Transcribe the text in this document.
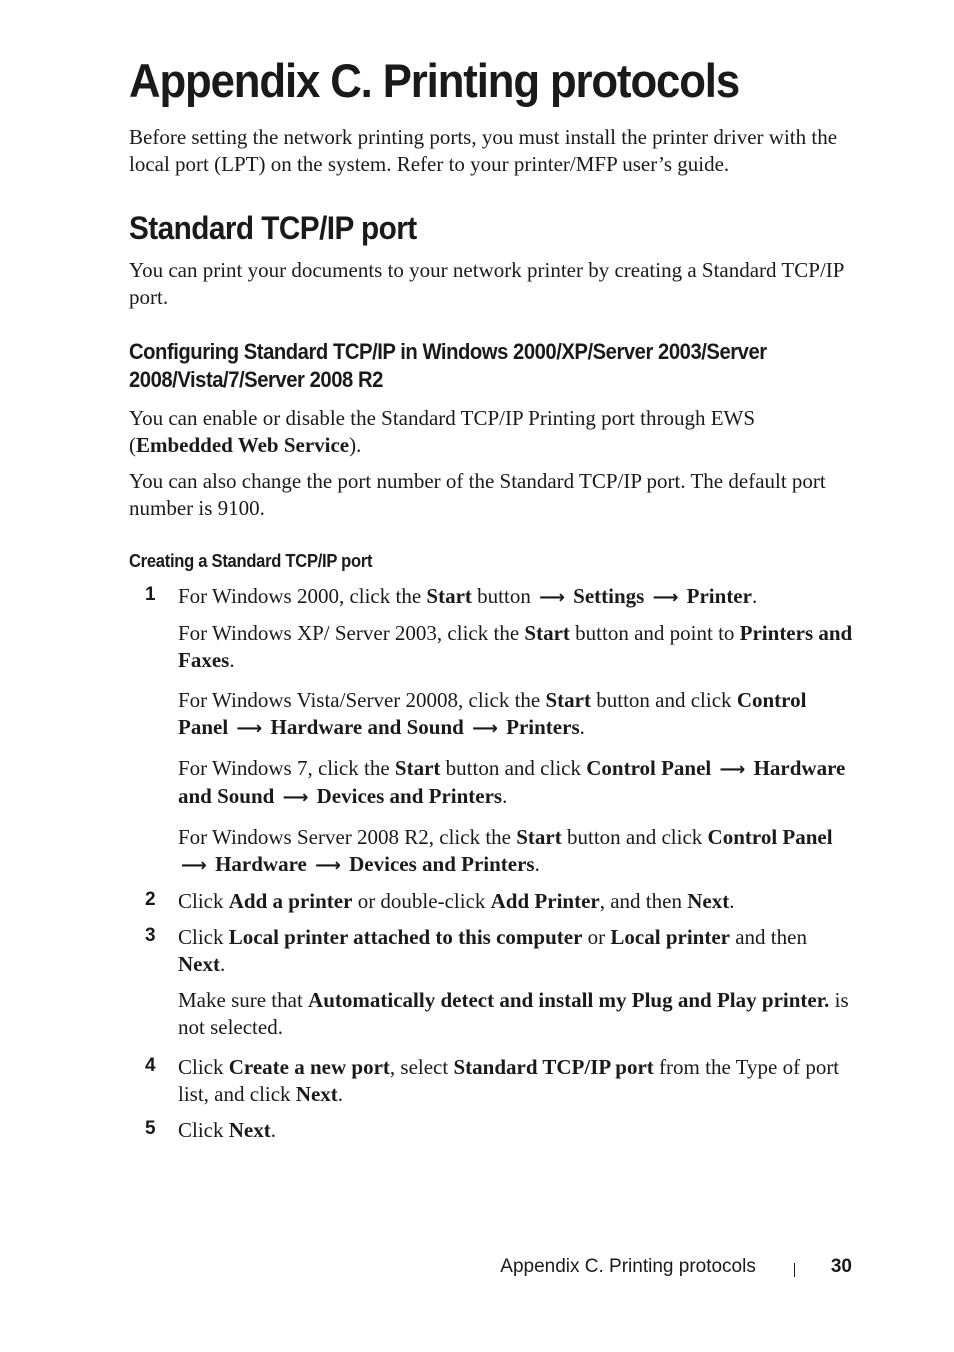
Appendix C. Printing protocols

Before setting the network printing ports, you must install the printer driver with the local port (LPT) on the system. Refer to your printer/MFP user’s guide.

Standard TCP/IP port

You can print your documents to your network printer by creating a Standard TCP/IP port.

Configuring Standard TCP/IP in Windows 2000/XP/Server 2003/Server 2008/Vista/7/Server 2008 R2

You can enable or disable the Standard TCP/IP Printing port through EWS (Embedded Web Service).

You can also change the port number of the Standard TCP/IP port. The default port number is 9100.

Creating a Standard TCP/IP port
1 For Windows 2000, click the Start button ⟶ Settings ⟶ Printer.

For Windows XP/ Server 2003, click the Start button and point to Printers and Faxes.

For Windows Vista/Server 20008, click the Start button and click Control Panel ⟶ Hardware and Sound ⟶ Printers.

For Windows 7, click the Start button and click Control Panel ⟶ Hardware and Sound ⟶ Devices and Printers.

For Windows Server 2008 R2, click the Start button and click Control Panel ⟶ Hardware ⟶ Devices and Printers.

2 Click Add a printer or double-click Add Printer, and then Next.

3 Click Local printer attached to this computer or Local printer and then Next.

Make sure that Automatically detect and install my Plug and Play printer. is not selected.

4 Click Create a new port, select Standard TCP/IP port from the Type of port list, and click Next.

5 Click Next.

Appendix C. Printing protocols	30
